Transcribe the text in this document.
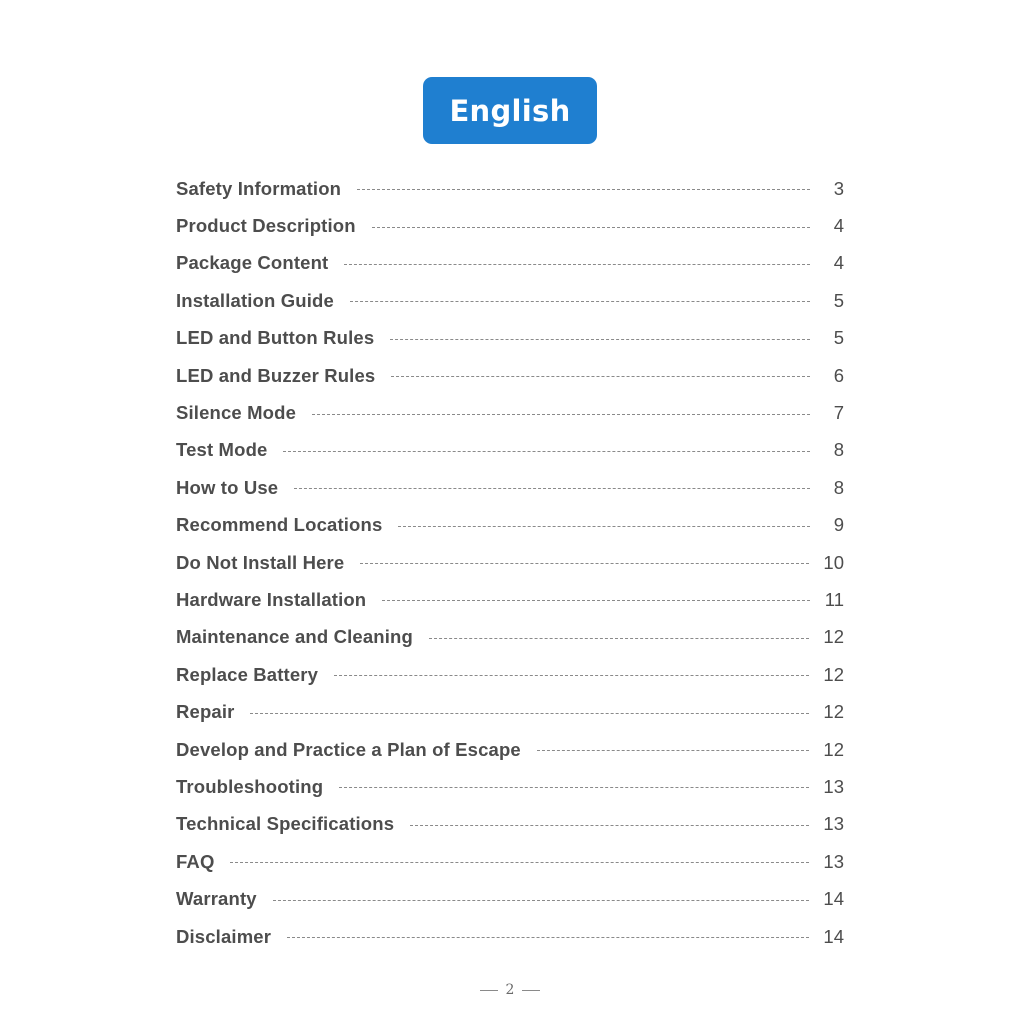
English
Safety Information	3
Product Description	4
Package Content	4
Installation Guide	5
LED and Button Rules	5
LED and Buzzer Rules	6
Silence Mode	7
Test Mode	8
How to Use	8
Recommend Locations	9
Do Not Install Here	10
Hardware Installation	11
Maintenance and Cleaning	12
Replace Battery	12
Repair	12
Develop and Practice a Plan of Escape	12
Troubleshooting	13
Technical Specifications	13
FAQ	13
Warranty	14
Disclaimer	14
2
